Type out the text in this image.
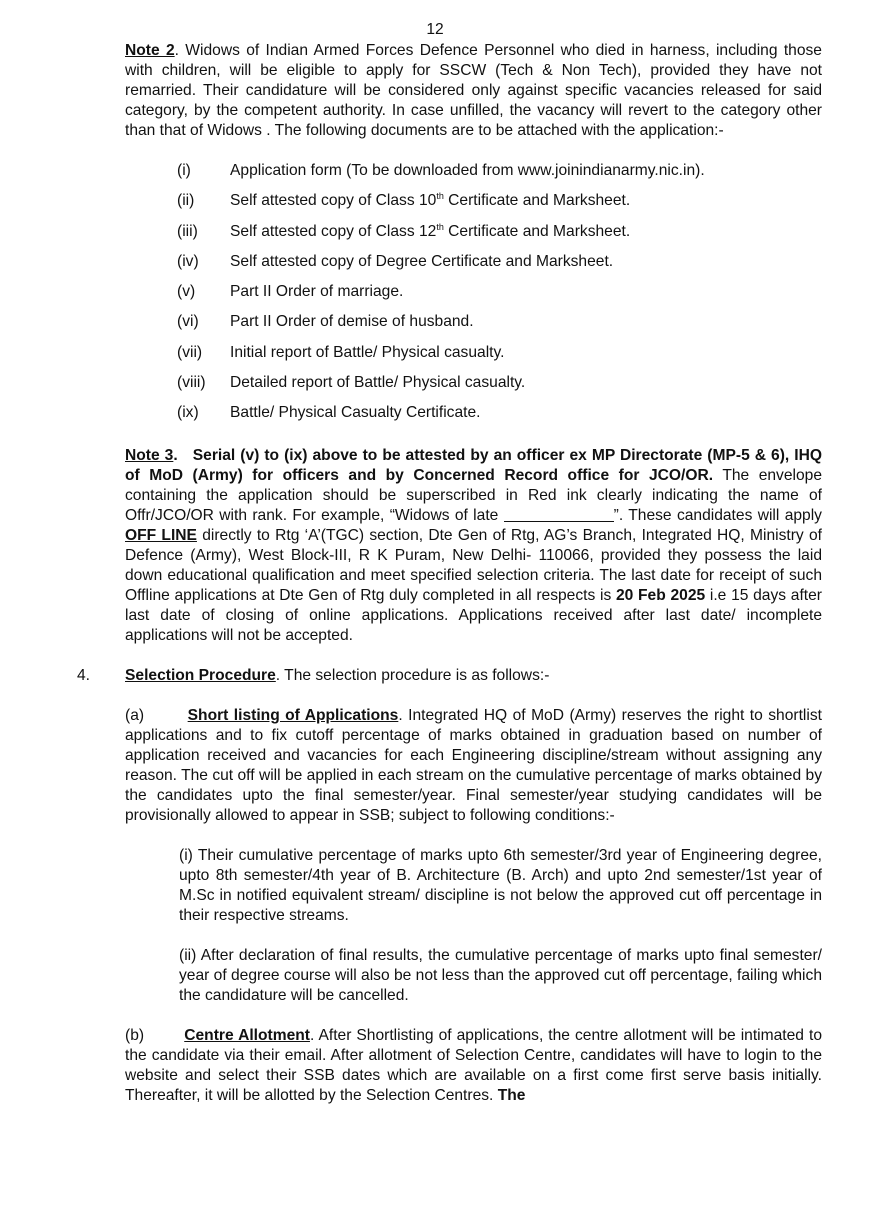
12

Note 2. Widows of Indian Armed Forces Defence Personnel who died in harness, including those with children, will be eligible to apply for SSCW (Tech & Non Tech), provided they have not remarried. Their candidature will be considered only against specific vacancies released for said category, by the competent authority. In case unfilled, the vacancy will revert to the category other than that of Widows . The following documents are to be attached with the application:-

(i)	Application form (To be downloaded from www.joinindianarmy.nic.in).
(ii)	Self attested copy of Class 10th Certificate and Marksheet.
(iii)	Self attested copy of Class 12th Certificate and Marksheet.
(iv)	Self attested copy of Degree Certificate and Marksheet.
(v)	Part II Order of marriage.
(vi)	Part II Order of demise of husband.
(vii)	Initial report of Battle/ Physical casualty.
(viii)	Detailed report of Battle/ Physical casualty.
(ix)	Battle/ Physical Casualty Certificate.

Note 3.   Serial (v) to (ix) above to be attested by an officer ex MP Directorate (MP-5 & 6), IHQ of MoD (Army) for officers and by Concerned Record office for JCO/OR. The envelope containing the application should be superscribed in Red ink clearly indicating the name of Offr/JCO/OR with rank. For example, “Widows of late	”. These candidates will apply OFF LINE directly to Rtg ‘A’(TGC) section, Dte Gen of Rtg, AG’s Branch, Integrated HQ, Ministry of Defence (Army), West Block-III, R K Puram, New Delhi- 110066, provided they possess the laid down educational qualification and meet specified selection criteria. The last date for receipt of such Offline applications at Dte Gen of Rtg duly completed in all respects is 20 Feb 2025 i.e 15 days after last date of closing of online applications. Applications received after last date/ incomplete applications will not be accepted.

4. Selection Procedure. The selection procedure is as follows:-

(a)	Short listing of Applications. Integrated HQ of MoD (Army) reserves the right to shortlist applications and to fix cutoff percentage of marks obtained in graduation based on number of application received and vacancies for each Engineering discipline/stream without assigning any reason. The cut off will be applied in each stream on the cumulative percentage of marks obtained by the candidates upto the final semester/year. Final semester/year studying candidates will be provisionally allowed to appear in SSB; subject to following conditions:-

(i) Their cumulative percentage of marks upto 6th semester/3rd year of Engineering degree, upto 8th semester/4th year of B. Architecture (B. Arch) and upto 2nd semester/1st year of M.Sc in notified equivalent stream/ discipline is not below the approved cut off percentage in their respective streams.

(ii) After declaration of final results, the cumulative percentage of marks upto final semester/ year of degree course will also be not less than the approved cut off percentage, failing which the candidature will be cancelled.

(b)	Centre Allotment. After Shortlisting of applications, the centre allotment will be intimated to the candidate via their email. After allotment of Selection Centre, candidates will have to login to the website and select their SSB dates which are available on a first come first serve basis initially. Thereafter, it will be allotted by the Selection Centres. The
